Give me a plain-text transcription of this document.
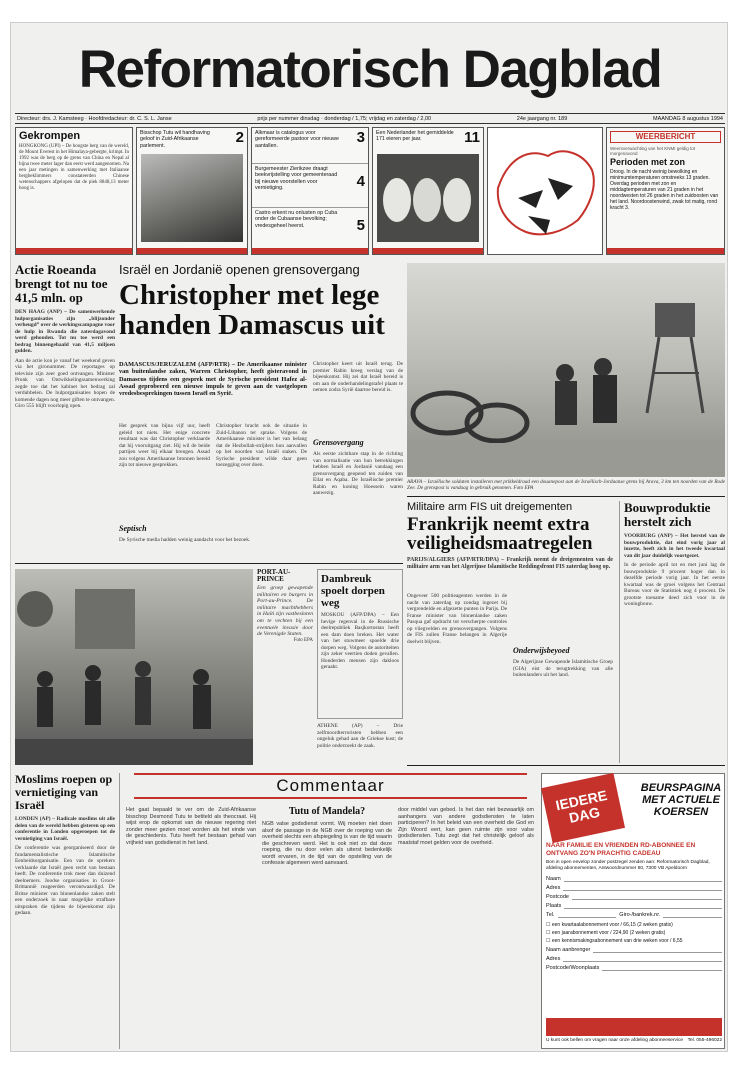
Reformatorisch Dagblad
Directeur: drs. J. Kamsteeg · Hoofdredacteur: dr. C. S. L. Janse	prijs per nummer dinsdag · donderdag / 1,75; vrijdag en zaterdag / 2,00	24e jaargang nr. 189	MAANDAG 8 augustus 1994
Gekrompen
HONGKONG (UPI) – De hoogste berg van de wereld, de Mount Everest in het Himalaya-gebergte, krimpt. In 1992 was de berg op de grens van China en Nepal al bijna twee meter lager dan eerst werd aangenomen. Na een jaar metingen in samenwerking met Italiaanse bergbeklimmers constateerden Chinese wetenschappers afgelopen dat de piek 8848,13 meter hoog is.
Bisschop Tutu wil handhaving geloof in Zuid-Afrikaanse parlement.	2	Alkmaar is catalogus voor gereformeerde pastoor voor nieuwe aantallen.	3
Burgemeester Zierikzee draagt beekvrijstelling voor gemeenteraad bij nieuwe voorstellen voor vernietiging.	4
Castro erkent nu onlusten op Cuba onder de Cubaanse bevolking; vredesgeheel heerst.	5
Een Nederlander het gemiddelde 171 eieren per jaar.	11	WEERBERICHT
Weersverwachting van het KNMI geldig tot morgenavond
Perioden met zon
Droog. In de nacht weinig bewolking en minimumtemperaturen omstreeks 13 graden. Overdag perioden met zon en middagtemperaturen van 21 graden in het noordwesten tot 26 graden in het zuidoosten van het land. Noordoostenwind, zwak tot matig, rond kracht 3.
Actie Roeanda brengt tot nu toe 41,5 mln. op
DEN HAAG (ANP) – De samenwerkende hulporganisaties zijn „blijzonder verheugd” over de werkingscampagne voor de hulp in Rwanda die zaterdagavond werd gehouden. Tot nu toe werd een bedrag binnengehaald van 41,5 miljoen gulden.
Aan de actie kon je vanaf het weekend geven via het gironummer. De reportages op televisie zijn zeer goed ontvangen. Minister Pronk van Ontwikkelingssamenwerking zegde toe dat het kabinet het bedrag zal verdubbelen. De hulporganisaties hopen de komende dagen nog meer giften te ontvangen. Giro 555 blijft voorlopig open.
Israël en Jordanië openen grensovergang
Christopher met lege handen Damascus uit
DAMASCUS/JERUZALEM (AFP/RTR) – De Amerikaanse minister van buitenlandse zaken, Warren Christopher, heeft gisteravond in Damascus tijdens een gesprek met de Syrische president Hafez al-Assad geprobeerd een nieuwe impuls te geven aan de vastgelopen vredesbesprekingen tussen Israël en Syrië.
Het gesprek van bijna vijf uur, heeft geleid tot niets. Het enige concrete resultaat was dat Christopher verklaarde dat hij vooruitgang ziet. Hij wil de beide partijen weer bij elkaar brengen. Assad zou volgens Amerikaanse bronnen bereid zijn tot nieuwe gesprekken.
Christopher bracht ook de situatie in Zuid-Libanon ter sprake. Volgens de Amerikaanse minister is het van belang dat de Hezbollah-strijders hun aanvallen op het noorden van Israël staken. De Syrische president wilde daar geen toezegging over doen.
Septisch
De Syrische media hadden weinig aandacht voor het bezoek.
Christopher keert uit Israël terug. De premier Rabin kreeg verslag van de bijeenkomst. Hij zei dat Israël bereid is om aan de onderhandelingstafel plaats te nemen zodra Syrië daartoe bereid is.
Grensovergang
Als eerste zichtbare stap in de richting van normalisatie van hun betrekkingen hebben Israël en Jordanië vandaag een grensovergang geopend ten zuiden van Eilat en Aqaba. De Israëlische premier Rabin en koning Hoessein waren aanwezig.
ARAVA – Israëlische soldaten installeren met prikkeldraad een douanepost aan de Israëlisch-Jordaanse grens bij Arava, 3 km ten noorden van de Rode Zee. De grenspost is vandaag in gebruik genomen. Foto EPA
Militaire arm FIS uit dreigementen
Frankrijk neemt extra veiligheidsmaatregelen
PARIJS/ALGIERS (AFP/RTR/DPA) – Frankrijk neemt de dreigementen van de militaire arm van het Algerijnse Islamitische Reddingsfront FIS zaterdag hoog op.
Ongeveer 500 politieagenten werden in de nacht van zaterdag op zondag ingezet bij vergrendelde en afgezette punten in Parijs. De Franse minister van binnenlandse zaken Pasqua gaf opdracht tot verscherpte controles op vliegvelden en grensovergangen. Volgens de FIS zullen Franse belangen in Algerije doelwit blijven.
Onderwijsbeyoed
De Algerijnse Gewapende Islamitische Groep (GIA) eist de terugtrekking van alle buitenlanders uit het land.
Bouwproduktie herstelt zich
VOORBURG (ANP) – Het herstel van de bouwproduktie, dat eind vorig jaar al inzette, heeft zich in het tweede kwartaal van dit jaar duidelijk voortgezet.
In de periode april tot en met juni lag de bouwproduktie 9 procent hoger dan in dezelfde periode vorig jaar. In het eerste kwartaal was de groei volgens het Centraal Bureau voor de Statistiek nog 4 procent. De grootste toename deed zich voor in de woningbouw.
PORT-AU-PRINCE
Een groep gewapende militairen en burgers in Port-au-Prince. De militaire machthebbers in Haïti zijn vastbesloten om te vechten bij een eventuele invasie door de Verenigde Staten.
Foto EPA
Dambreuk spoelt dorpen weg
MOSKOU (AFP/DPA) – Een hevige regenval in de Russische deelrepubliek Basjkortostan heeft een dam doen breken. Het water van het stuwmeer spoelde drie dorpen weg. Volgens de autoriteiten zijn zeker veertien doden gevallen. Honderden mensen zijn dakloos geraakt.
ATHENE (AP) – Drie zelfmoordterroristen hebben een ongeluk gehad aan de Griekse kust; de politie onderzoekt de zaak.
Moslims roepen op vernietiging van Israël
LONDEN (AP) – Radicale moslims uit alle delen van de wereld hebben gisteren op een conferentie in Londen opgeroepen tot de vernietiging van Israël.
De conferentie was georganiseerd door de fundamentalistische Islamitische Eenheidsorganisatie. Een van de sprekers verklaarde dat Israël geen recht van bestaan heeft. De conferentie trok meer dan duizend deelnemers. Joodse organisaties in Groot-Brittannië reageerden verontwaardigd. De Britse minister van binnenlandse zaken stelt een onderzoek in naar mogelijke strafbare uitspraken die tijdens de bijeenkomst zijn gedaan.
Commentaar
Het gaat bepaald te ver om de Zuid-Afrikaanse bisschop Desmond Tutu te betiteld als theocraat. Hij wijst erop de opkomst van de nieuwe regering niet zonder meer gezien moet worden als het einde van de geschiedenis. Tutu heeft het bestaan gehad van vrijheid van godsdienst in het land.
Tutu of Mandela?
NGB valse godsdienst vormt. Wij moeten niet doen alsof de passage in de NGB over de roeping van de overheid slechts een afspiegeling is van de tijd waarin die geschreven werd. Het is ook niet zo dat deze roeping, die nu door velen als uiterst bedenkelijk wordt ervaren, in de tijd van de opstelling van de confessie algemeen werd aanvaard.
door middel van gebed. Is het dan niet bezwaarlijk om aanhangers van andere godsdiensten te laten participeren? In het beleid van een overheid die God en Zijn Woord eert, kan geen ruimte zijn voor valse godsdiensten. Tutu zegt dat het christelijk geloof als maatstaf moet gelden voor de overheid.
IEDERE DAG
BEURSPAGINA MET ACTUELE KOERSEN
NAAR FAMILIE EN VRIENDEN RD-ABONNEE EN ONTVANG ZO'N PRACHTIG CADEAU
Bon in open envelop zonder postzegel zenden aan: Reformatorisch Dagblad, afdeling abonnementen, Antwoordnummer 80, 7300 VB Apeldoorn
Naam
Adres
Postcode
Plaats
Tel.	Giro-/bankrek.nr.
☐ een kwartaalabonnement voor / 66,15 (2 weken gratis)
☐ een jaarabonnement voor / 224,90 (2 weken gratis)
☐ een kennismakingsabonnement van drie weken voor / 6,55
Naam aanbrenger
Adres
Postcode/Woonplaats
U kunt ook bellen om vragen naar onze afdeling abonneeservice Tel. 055-496022
